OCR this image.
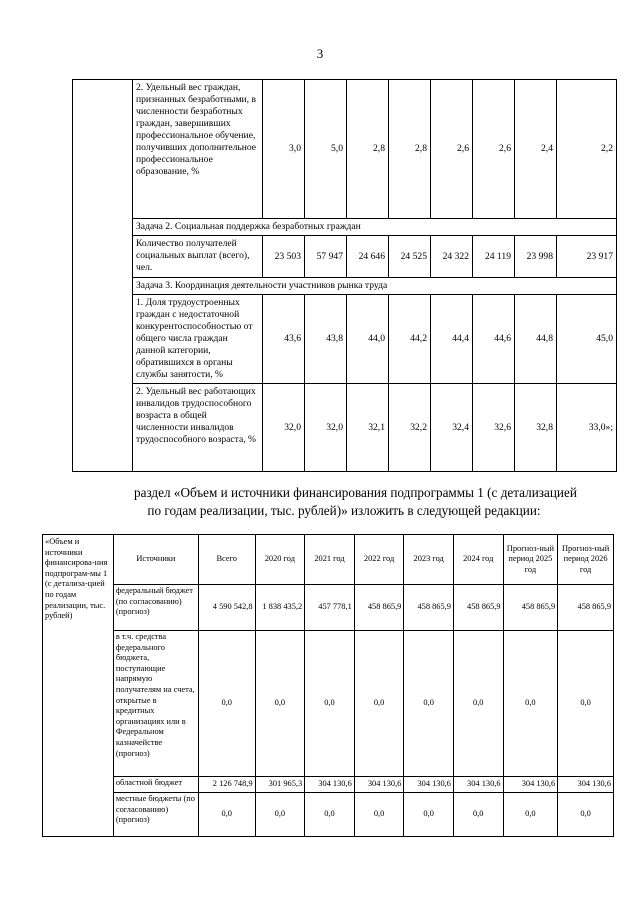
3
	2. Удельный вес граждан, признанных безработными, в численности безработных граждан, завершивших профессиональное обучение, получивших дополнительное профессиональное образование, %	3,0	5,0	2,8	2,8	2,6	2,6	2,4	2,2
	Задача 2. Социальная поддержка безработных граждан								
	Количество получателей социальных выплат (всего), чел.	23 503	57 947	24 646	24 525	24 322	24 119	23 998	23 917
	Задача 3. Координация деятельности участников рынка труда								
	1. Доля трудоустроенных граждан с недостаточной конкурентоспособностью от общего числа граждан данной категории, обратившихся в органы службы занятости, %	43,6	43,8	44,0	44,2	44,4	44,6	44,8	45,0
	2. Удельный вес работающих инвалидов трудоспособного возраста в общей численности инвалидов трудоспособного возраста, %	32,0	32,0	32,1	32,2	32,4	32,6	32,8	33,0»;
раздел «Объем и источники финансирования подпрограммы 1 (с детализацией
по годам реализации, тыс. рублей)» изложить в следующей редакции:
«Объем и источники финансирова-ния подпрограм-мы 1 (с детализа-цией по годам реализации, тыс. рублей)	Источники	Всего	2020 год	2021 год	2022 год	2023 год	2024 год	Прогноз-ный период 2025 год	Прогноз-ный период 2026 год
	федеральный бюджет (по согласованию) (прогноз)	4 590 542,8	1 838 435,2	457 778,1	458 865,9	458 865,9	458 865,9	458 865,9	458 865,9
	в т.ч. средства федерального бюджета, поступающие напрямую получателям на счета, открытые в кредитных организациях или в Федеральном казначействе (прогноз)	0,0	0,0	0,0	0,0	0,0	0,0	0,0	0,0
	областной бюджет	2 126 748,9	301 965,3	304 130,6	304 130,6	304 130,6	304 130,6	304 130,6	304 130,6
	местные бюджеты (по согласованию) (прогноз)	0,0	0,0	0,0	0,0	0,0	0,0	0,0	0,0
